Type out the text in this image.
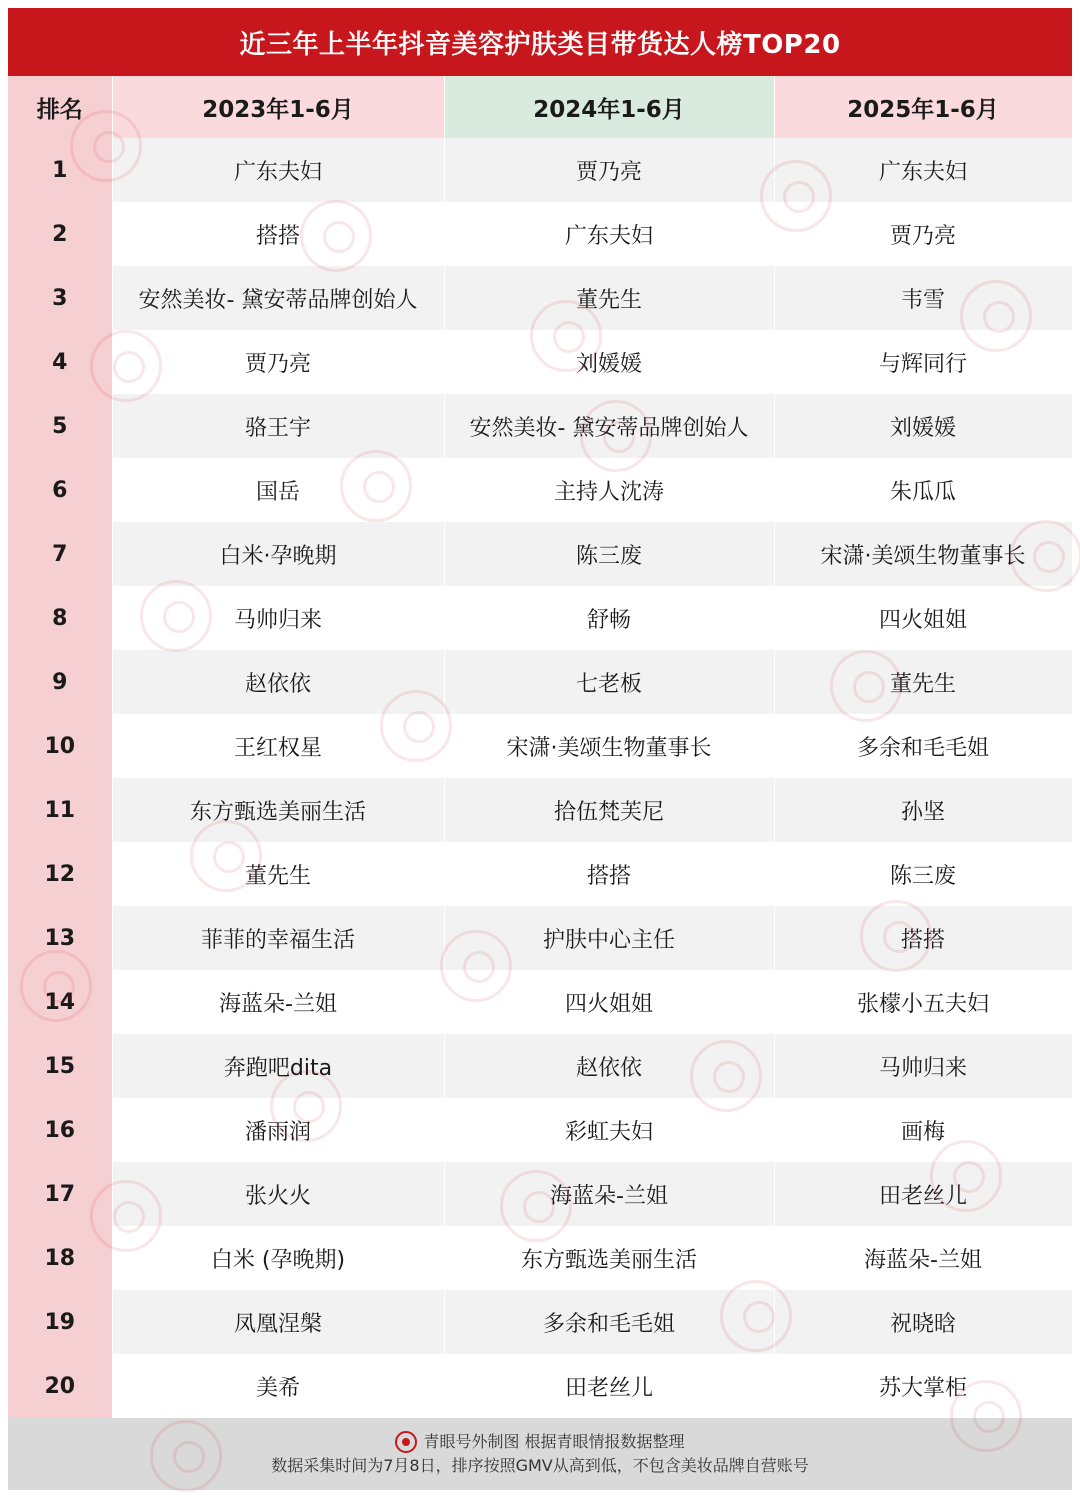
近三年上半年抖音美容护肤类目带货达人榜TOP20
排名	2023年1-6月	2024年1-6月	2025年1-6月
1	广东夫妇	贾乃亮	广东夫妇
2	搭搭	广东夫妇	贾乃亮
3	安然美妆- 黛安蒂品牌创始人	董先生	韦雪
4	贾乃亮	刘媛媛	与辉同行
5	骆王宇	安然美妆- 黛安蒂品牌创始人	刘媛媛
6	国岳	主持人沈涛	朱瓜瓜
7	白米·孕晚期	陈三废	宋潇·美颂生物董事长
8	马帅归来	舒畅	四火姐姐
9	赵依依	七老板	董先生
10	王红权星	宋潇·美颂生物董事长	多余和毛毛姐
11	东方甄选美丽生活	拾伍梵芙尼	孙坚
12	董先生	搭搭	陈三废
13	菲菲的幸福生活	护肤中心主任	搭搭
14	海蓝朵-兰姐	四火姐姐	张檬小五夫妇
15	奔跑吧dita	赵依依	马帅归来
16	潘雨润	彩虹夫妇	画梅
17	张火火	海蓝朵-兰姐	田老丝儿
18	白米 (孕晚期)	东方甄选美丽生活	海蓝朵-兰姐
19	凤凰涅槃	多余和毛毛姐	祝晓晗
20	美希	田老丝儿	苏大掌柜
青眼号外制图 根据青眼情报数据整理
数据采集时间为7月8日，排序按照GMV从高到低，不包含美妆品牌自营账号
